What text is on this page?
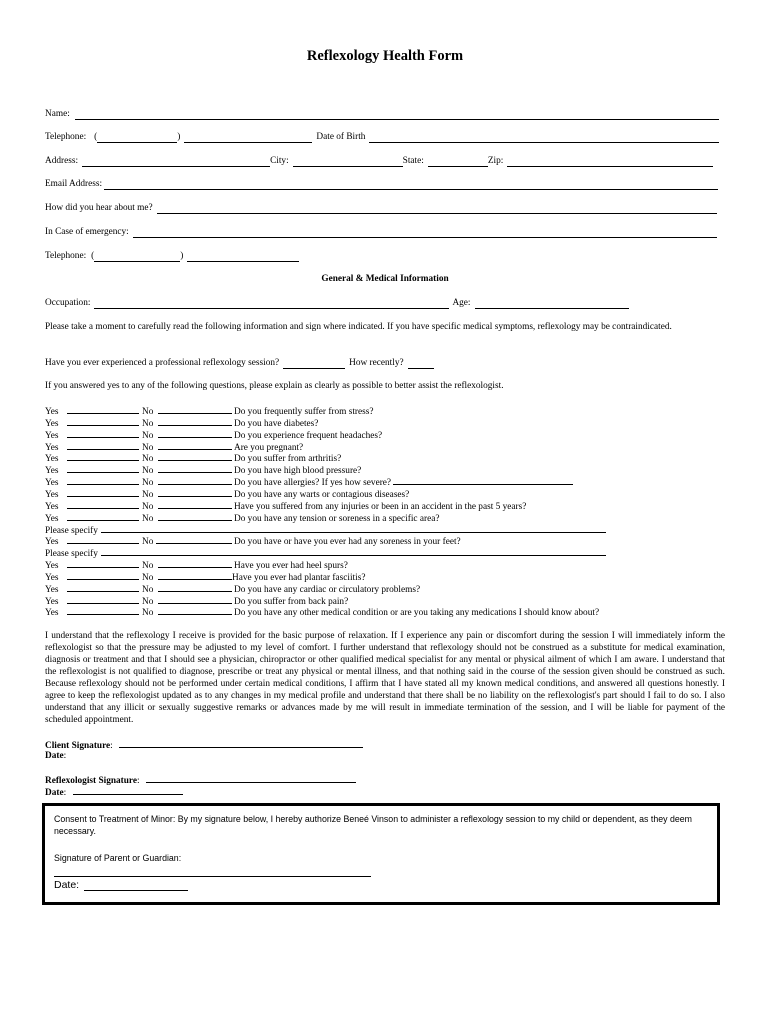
Reflexology Health Form
Name:
Telephone: (	)	Date of Birth
Address:	City:	State:	Zip:
Email Address:
How did you hear about me?
In Case of emergency:
Telephone: (	)
General & Medical Information
Occupation:	Age:
Please take a moment to carefully read the following information and sign where indicated. If you have specific medical symptoms, reflexology may be contraindicated.
Have you ever experienced a professional reflexology session?	How recently?
If you answered yes to any of the following questions, please explain as clearly as possible to better assist the reflexologist.
Yes	No	Do you frequently suffer from stress?
Yes	No	Do you have diabetes?
Yes	No	Do you experience frequent headaches?
Yes	No	Are you pregnant?
Yes	No	Do you suffer from arthritis?
Yes	No	Do you have high blood pressure?
Yes	No	Do you have allergies? If yes how severe?
Yes	No	Do you have any warts or contagious diseases?
Yes	No	Have you suffered from any injuries or been in an accident in the past 5 years?
Yes	No	Do you have any tension or soreness in a specific area?
Please specify
Yes	No	Do you have or have you ever had any soreness in your feet?
Please specify
Yes	No	Have you ever had heel spurs?
Yes	No	Have you ever had plantar fasciitis?
Yes	No	Do you have any cardiac or circulatory problems?
Yes	No	Do you suffer from back pain?
Yes	No	Do you have any other medical condition or are you taking any medications I should know about?
I understand that the reflexology I receive is provided for the basic purpose of relaxation. If I experience any pain or discomfort during the session I will immediately inform the reflexologist so that the pressure may be adjusted to my level of comfort. I further understand that reflexology should not be construed as a substitute for medical examination, diagnosis or treatment and that I should see a physician, chiropractor or other qualified medical specialist for any mental or physical ailment of which I am aware. I understand that the reflexologist is not qualified to diagnose, prescribe or treat any physical or mental illness, and that nothing said in the course of the session given should be construed as such. Because reflexology should not be performed under certain medical conditions, I affirm that I have stated all my known medical conditions, and answered all questions honestly. I agree to keep the reflexologist updated as to any changes in my medical profile and understand that there shall be no liability on the reflexologist's part should I fail to do so. I also understand that any illicit or sexually suggestive remarks or advances made by me will result in immediate termination of the session, and I will be liable for payment of the scheduled appointment.
Client Signature:
Date:
Reflexologist Signature:
Date:
Consent to Treatment of Minor: By my signature below, I hereby authorize Beneé Vinson to administer a reflexology session to my child or dependent, as they deem necessary.
Signature of Parent or Guardian:
Date:
